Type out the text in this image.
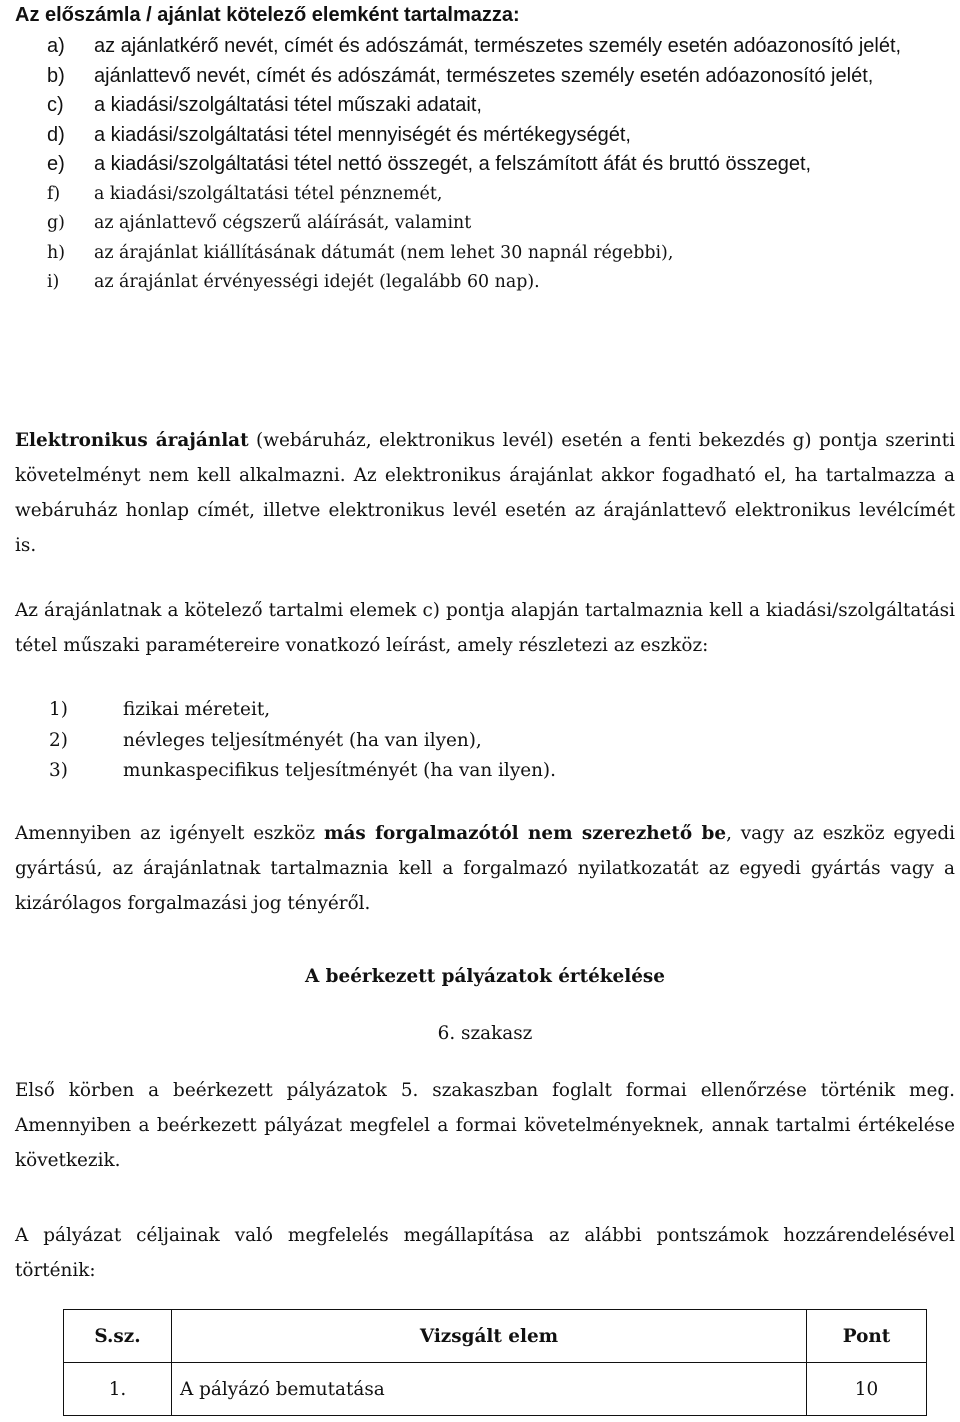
Az előszámla / ajánlat kötelező elemként tartalmazza:
a) az ajánlatkérő nevét, címét és adószámát, természetes személy esetén adóazonosító jelét,
b) ajánlattevő nevét, címét és adószámát, természetes személy esetén adóazonosító jelét,
c) a kiadási/szolgáltatási tétel műszaki adatait,
d) a kiadási/szolgáltatási tétel mennyiségét és mértékegységét,
e) a kiadási/szolgáltatási tétel nettó összegét, a felszámított áfát és bruttó összeget,
f) a kiadási/szolgáltatási tétel pénznemét,
g) az ajánlattevő cégszerű aláírását, valamint
h) az árajánlat kiállításának dátumát (nem lehet 30 napnál régebbi),
i) az árajánlat érvényességi idejét (legalább 60 nap).
Elektronikus árajánlat (webáruház, elektronikus levél) esetén a fenti bekezdés g) pontja szerinti követelményt nem kell alkalmazni. Az elektronikus árajánlat akkor fogadható el, ha tartalmazza a webáruház honlap címét, illetve elektronikus levél esetén az árajánlattevő elektronikus levélcímét is.
Az árajánlatnak a kötelező tartalmi elemek c) pontja alapján tartalmaznia kell a kiadási/szolgáltatási tétel műszaki paramétereire vonatkozó leírást, amely részletezi az eszköz:
1)	fizikai méreteit,
2)	névleges teljesítményét (ha van ilyen),
3)	munkaspecifikus teljesítményét (ha van ilyen).
Amennyiben az igényelt eszköz más forgalmazótól nem szerezhető be, vagy az eszköz egyedi gyártású, az árajánlatnak tartalmaznia kell a forgalmazó nyilatkozatát az egyedi gyártás vagy a kizárólagos forgalmazási jog tényéről.
A beérkezett pályázatok értékelése
6. szakasz
Első körben a beérkezett pályázatok 5. szakaszban foglalt formai ellenőrzése történik meg. Amennyiben a beérkezett pályázat megfelel a formai követelményeknek, annak tartalmi értékelése következik.
A pályázat céljainak való megfelelés megállapítása az alábbi pontszámok hozzárendelésével történik:
S.sz.	Vizsgált elem	Pont
1.	A pályázó bemutatása	10
